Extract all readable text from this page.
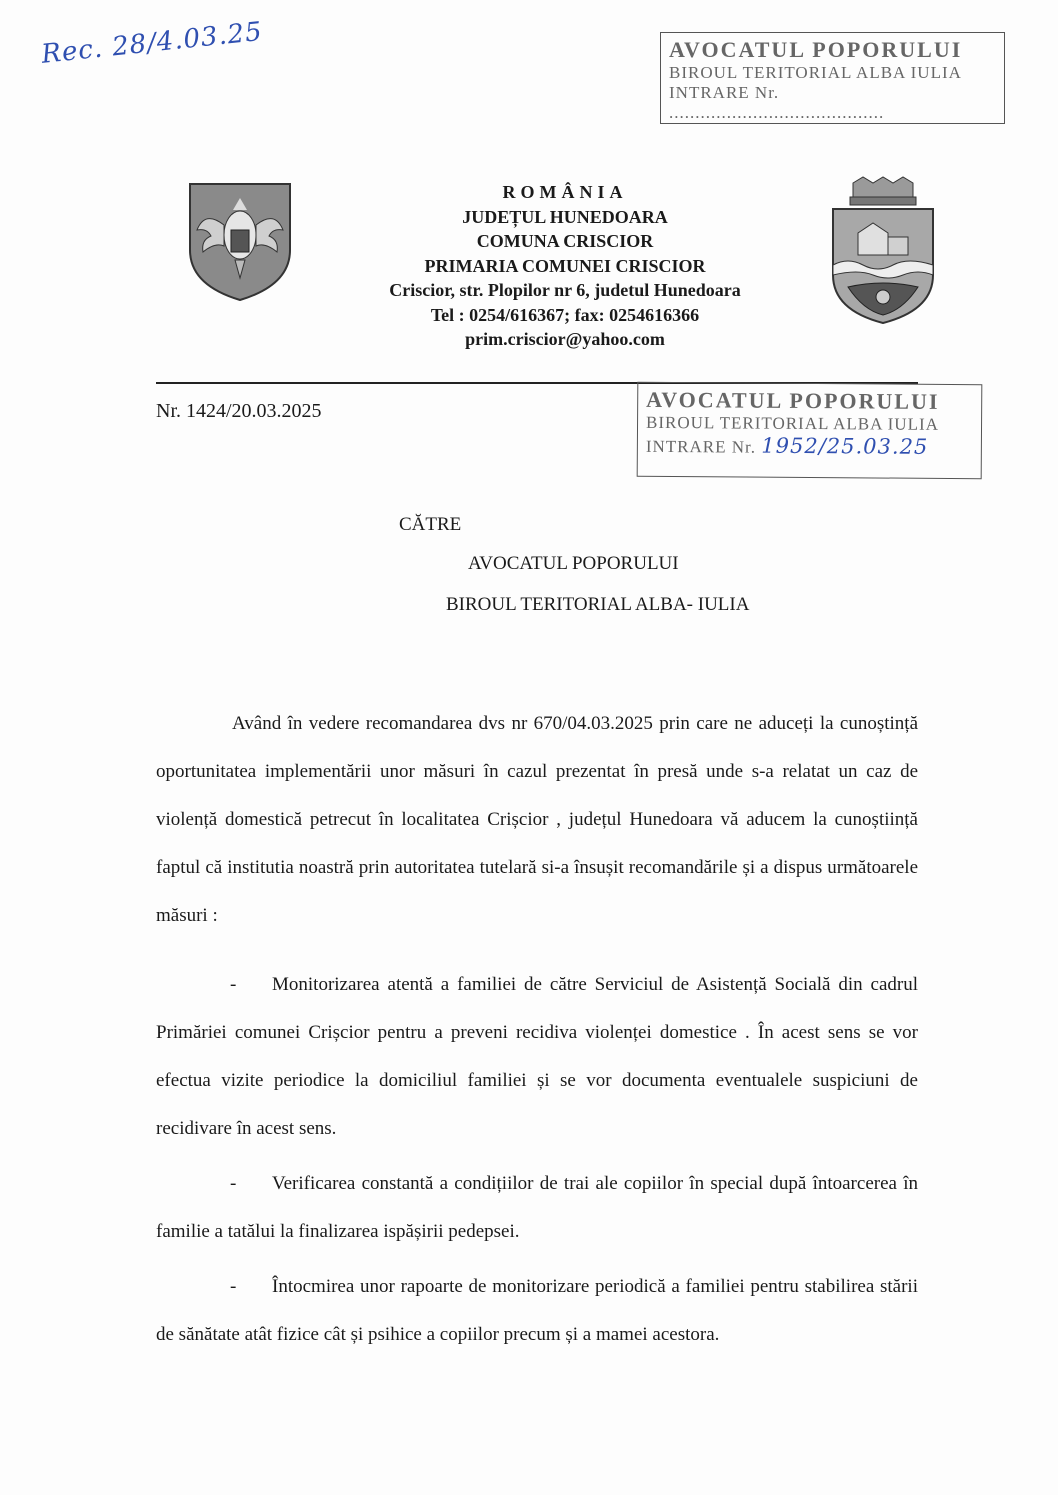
Rec. 28/4.03.25	AVOCATUL POPORULUI
BIROUL TERITORIAL ALBA IULIA
INTRARE Nr. .........................................
ROMÂNIA
JUDEȚUL HUNEDOARA
COMUNA CRISCIOR
PRIMARIA COMUNEI CRISCIOR
Criscior, str. Plopilor nr 6, judetul Hunedoara
Tel : 0254/616367; fax: 0254616366
prim.criscior@yahoo.com
Nr. 1424/20.03.2025	AVOCATUL POPORULUI
BIROUL TERITORIAL ALBA IULIA
INTRARE Nr. 1952/25.03.25
CĂTRE
AVOCATUL POPORULUI
BIROUL TERITORIAL ALBA- IULIA

Având în vedere recomandarea dvs nr 670/04.03.2025 prin care ne aduceți la cunoștință oportunitatea implementării unor măsuri în cazul prezentat în presă unde s-a relatat un caz de violență domestică petrecut în localitatea Crișcior , județul Hunedoara vă aducem la cunoștiință faptul că institutia noastră prin autoritatea tutelară si-a însușit recomandările și a dispus următoarele măsuri :

- Monitorizarea atentă a familiei de către Serviciul de Asistență Socială din cadrul Primăriei comunei Crișcior pentru a preveni recidiva violenței domestice . În acest sens se vor efectua vizite periodice la domiciliul familiei și se vor documenta eventualele suspiciuni de recidivare în acest sens.

- Verificarea constantă a condițiilor de trai ale copiilor în special după întoarcerea în familie a tatălui la finalizarea ispășirii pedepsei.

- Întocmirea unor rapoarte de monitorizare periodică a familiei pentru stabilirea stării de sănătate atât fizice cât și psihice a copiilor precum și a mamei acestora.
